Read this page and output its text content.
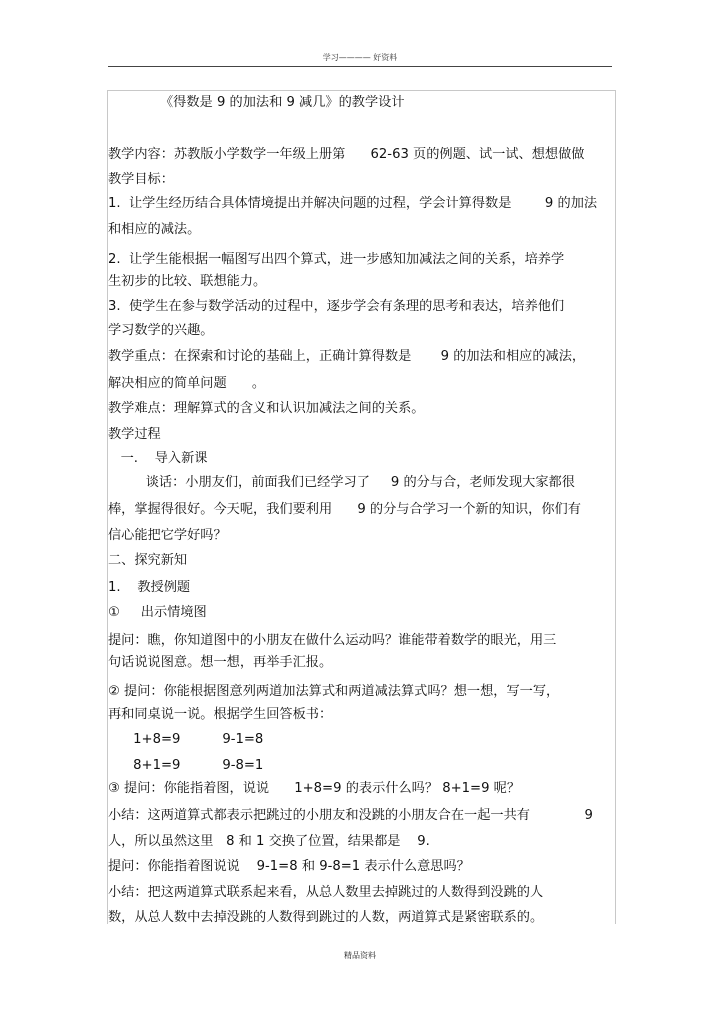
学习———— 好资料
《得数是 9 的加法和 9 减几》的教学设计
教学内容：苏教版小学数学一年级上册第      62-63 页的例题、试一试、想想做做
教学目标：
1.  让学生经历结合具体情境提出并解决问题的过程，学会计算得数是        9 的加法
和相应的减法。
2.  让学生能根据一幅图写出四个算式，进一步感知加减法之间的关系，培养学
生初步的比较、联想能力。
3.  使学生在参与数学活动的过程中，逐步学会有条理的思考和表达，培养他们
学习数学的兴趣。
教学重点：在探索和讨论的基础上，正确计算得数是       9 的加法和相应的减法，
解决相应的简单问题      。
教学难点：理解算式的含义和认识加减法之间的关系。
教学过程
一.    导入新课
谈话：小朋友们，前面我们已经学习了     9 的分与合，老师发现大家都很
棒，掌握得很好。今天呢，我们要利用      9 的分与合学习一个新的知识，你们有
信心能把它学好吗？
二、探究新知
1.    教授例题
①     出示情境图
提问：瞧，你知道图中的小朋友在做什么运动吗？谁能带着数学的眼光，用三
句话说说图意。想一想，再举手汇报。
② 提问：你能根据图意列两道加法算式和两道减法算式吗？想一想，写一写，
再和同桌说一说。根据学生回答板书：
1+8=9          9-1=8
8+1=9          9-8=1
③ 提问：你能指着图，说说      1+8=9 的表示什么吗？ 8+1=9 呢？
小结：这两道算式都表示把跳过的小朋友和没跳的小朋友合在一起一共有             9
人，所以虽然这里   8 和 1 交换了位置，结果都是    9.
提问：你能指着图说说    9-1=8 和 9-8=1 表示什么意思吗？
小结：把这两道算式联系起来看，从总人数里去掉跳过的人数得到没跳的人
数，从总人数中去掉没跳的人数得到跳过的人数，两道算式是紧密联系的。
精品资料
